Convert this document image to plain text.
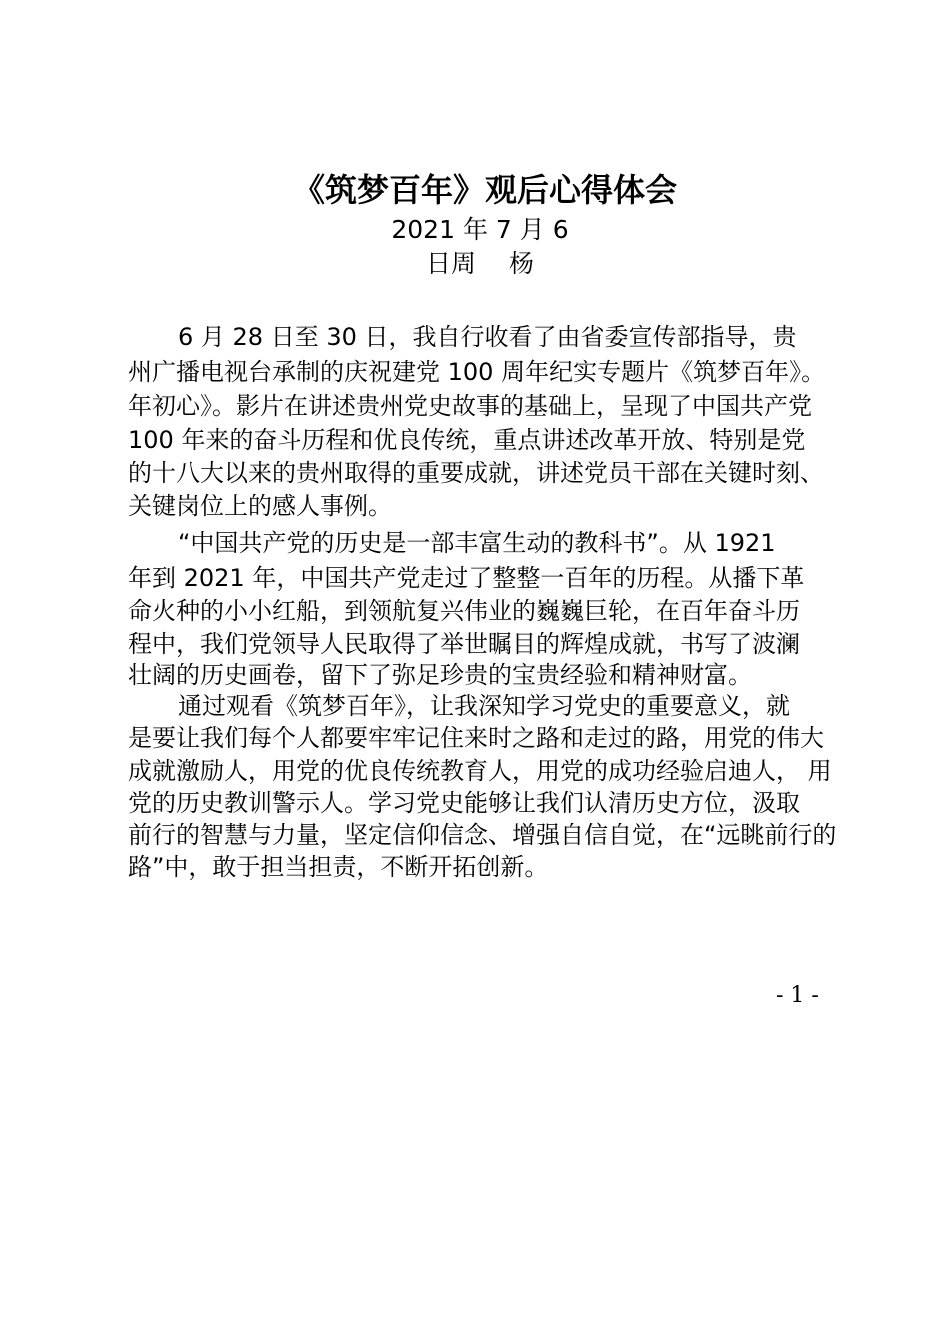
《筑梦百年》观后心得体会
2021 年 7 月 6
日周　 杨
6 月 28 日至 30 日，我自行收看了由省委宣传部指导，贵
州广播电视台承制的庆祝建党 100 周年纪实专题片《筑梦百年》。
年初心》。影片在讲述贵州党史故事的基础上，呈现了中国共产党
100 年来的奋斗历程和优良传统，重点讲述改革开放、特别是党
的十八大以来的贵州取得的重要成就，讲述党员干部在关键时刻、
关键岗位上的感人事例。
“中国共产党的历史是一部丰富生动的教科书”。从 1921
年到 2021 年，中国共产党走过了整整一百年的历程。从播下革
命火种的小小红船，到领航复兴伟业的巍巍巨轮，在百年奋斗历
程中，我们党领导人民取得了举世瞩目的辉煌成就，书写了波澜
壮阔的历史画卷，留下了弥足珍贵的宝贵经验和精神财富。
通过观看《筑梦百年》，让我深知学习党史的重要意义，就
是要让我们每个人都要牢牢记住来时之路和走过的路，用党的伟大
成就激励人，用党的优良传统教育人，用党的成功经验启迪人， 用
党的历史教训警示人。学习党史能够让我们认清历史方位，汲取
前行的智慧与力量，坚定信仰信念、增强自信自觉，在“远眺前行的
路”中，敢于担当担责，不断开拓创新。
- 1 -
